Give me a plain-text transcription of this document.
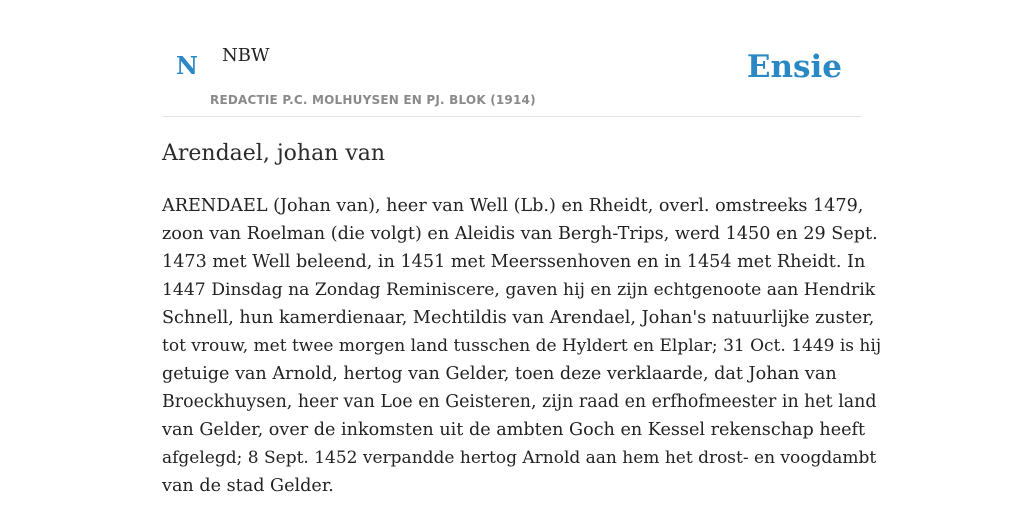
N NBW
REDACTIE P.C. MOLHUYSEN EN PJ. BLOK (1914)
Ensie
Arendael, johan van

ARENDAEL (Johan van), heer van Well (Lb.) en Rheidt, overl. omstreeks 1479,
zoon van Roelman (die volgt) en Aleidis van Bergh-Trips, werd 1450 en 29 Sept.
1473 met Well beleend, in 1451 met Meerssenhoven en in 1454 met Rheidt. In
1447 Dinsdag na Zondag Reminiscere, gaven hij en zijn echtgenoote aan Hendrik
Schnell, hun kamerdienaar, Mechtildis van Arendael, Johan's natuurlijke zuster,
tot vrouw, met twee morgen land tusschen de Hyldert en Elplar; 31 Oct. 1449 is hij
getuige van Arnold, hertog van Gelder, toen deze verklaarde, dat Johan van
Broeckhuysen, heer van Loe en Geisteren, zijn raad en erfhofmeester in het land
van Gelder, over de inkomsten uit de ambten Goch en Kessel rekenschap heeft
afgelegd; 8 Sept. 1452 verpandde hertog Arnold aan hem het drost- en voogdambt
van de stad Gelder.
